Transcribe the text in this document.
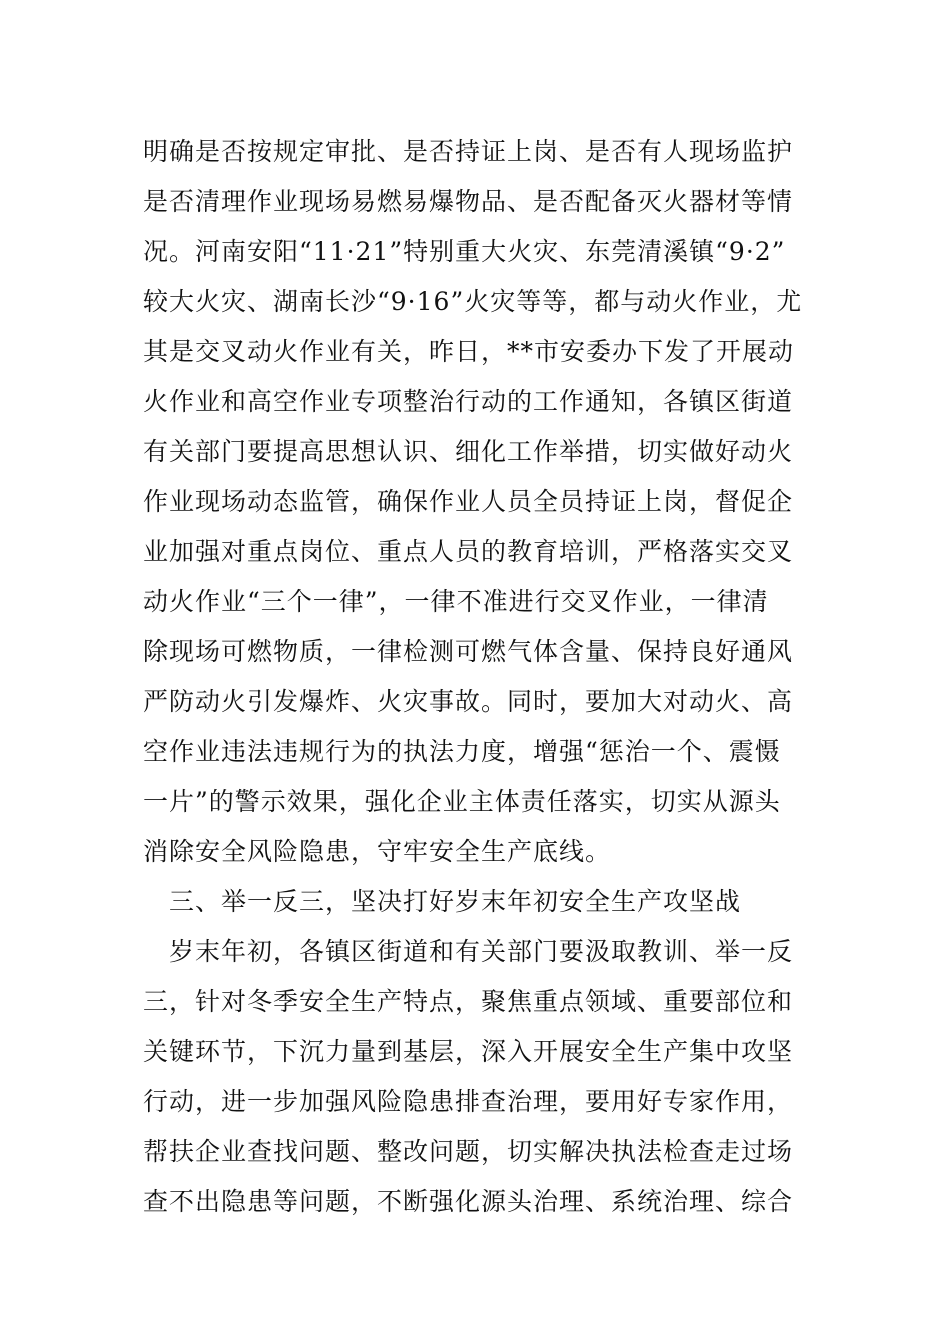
明确是否按规定审批、是否持证上岗、是否有人现场监护
是否清理作业现场易燃易爆物品、是否配备灭火器材等情
况。河南安阳“11·21”特别重大火灾、东莞清溪镇“9·2”
较大火灾、湖南长沙“9·16”火灾等等，都与动火作业，尤
其是交叉动火作业有关，昨日，**市安委办下发了开展动
火作业和高空作业专项整治行动的工作通知，各镇区街道
有关部门要提高思想认识、细化工作举措，切实做好动火
作业现场动态监管，确保作业人员全员持证上岗，督促企
业加强对重点岗位、重点人员的教育培训，严格落实交叉
动火作业“三个一律”，一律不准进行交叉作业，一律清
除现场可燃物质，一律检测可燃气体含量、保持良好通风
严防动火引发爆炸、火灾事故。同时，要加大对动火、高
空作业违法违规行为的执法力度，增强“惩治一个、震慑
一片”的警示效果，强化企业主体责任落实，切实从源头
消除安全风险隐患，守牢安全生产底线。
　三、举一反三，坚决打好岁末年初安全生产攻坚战
　岁末年初，各镇区街道和有关部门要汲取教训、举一反
三，针对冬季安全生产特点，聚焦重点领域、重要部位和
关键环节，下沉力量到基层，深入开展安全生产集中攻坚
行动，进一步加强风险隐患排查治理，要用好专家作用，
帮扶企业查找问题、整改问题，切实解决执法检查走过场
查不出隐患等问题，不断强化源头治理、系统治理、综合
